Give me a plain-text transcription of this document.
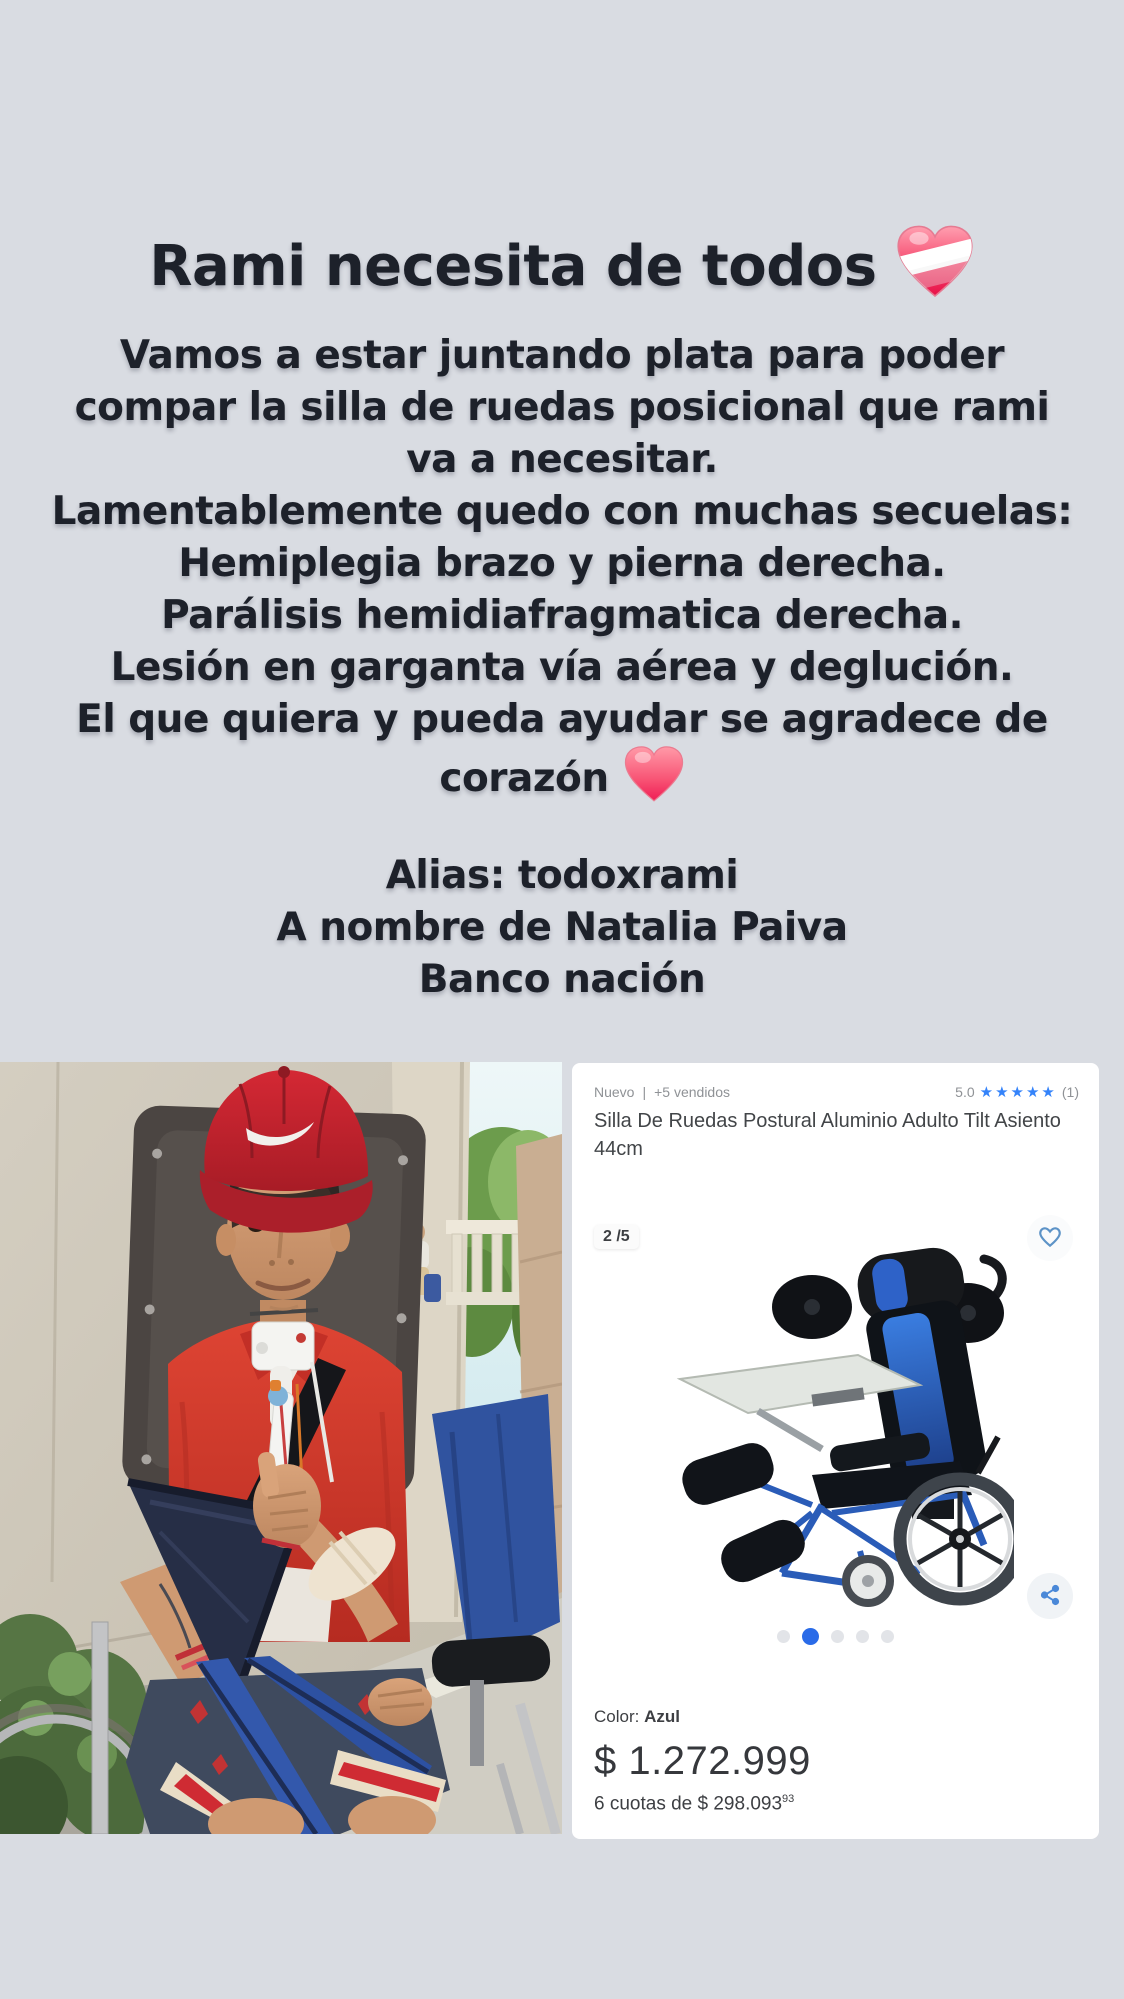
Rami necesita de todos
Vamos a estar juntando plata para poder
compar la silla de ruedas posicional que rami
va a necesitar.
Lamentablemente quedo con muchas secuelas:
Hemiplegia brazo y pierna derecha.
Parálisis hemidiafragmatica derecha.
Lesión en garganta vía aérea y deglución.
El que quiera y pueda ayudar se agradece de
corazón
Alias: todoxrami
A nombre de Natalia Paiva
Banco nación
Nuevo | +5 vendidos	5.0 ★★★★★ (1)
Silla De Ruedas Postural Aluminio Adulto Tilt Asiento 44cm
2 /5
Color: Azul
$ 1.272.999
6 cuotas de $ 298.093$^{93}$
